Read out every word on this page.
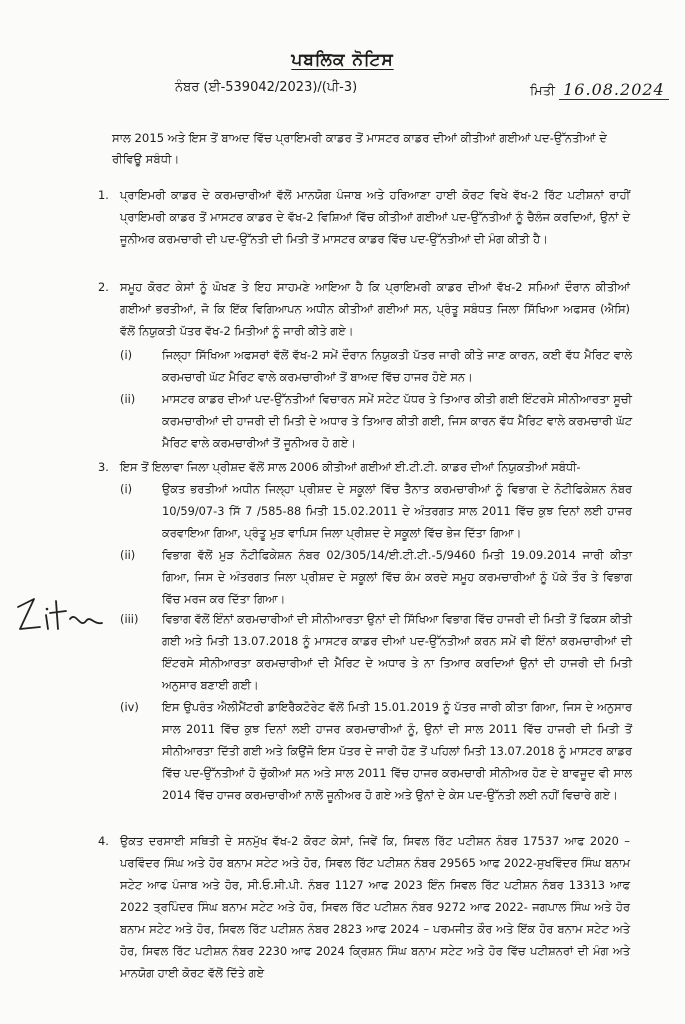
ਪਬਲਿਕ ਨੋਟਿਸ
ਨੰਬਰ (ਈ-539042/2023)/(ਪੀ-3)	ਮਿਤੀ 16.08.2024
ਸਾਲ 2015 ਅਤੇ ਇਸ ਤੋਂ ਬਾਅਦ ਵਿੱਚ ਪ੍ਰਾਇਮਰੀ ਕਾਡਰ ਤੋਂ ਮਾਸਟਰ ਕਾਡਰ ਦੀਆਂ ਕੀਤੀਆਂ ਗਈਆਂ ਪਦ-ਉੱਨਤੀਆਂ ਦੇ ਰੀਵਿਊ ਸਬੰਧੀ।
1. ਪ੍ਰਾਇਮਰੀ ਕਾਡਰ ਦੇ ਕਰਮਚਾਰੀਆਂ ਵੱਲੋਂ ਮਾਨਯੋਗ ਪੰਜਾਬ ਅਤੇ ਹਰਿਆਣਾ ਹਾਈ ਕੋਰਟ ਵਿਖੇ ਵੱਖ-2 ਰਿੱਟ ਪਟੀਸ਼ਨਾਂ ਰਾਹੀਂ ਪ੍ਰਾਇਮਰੀ ਕਾਡਰ ਤੋਂ ਮਾਸਟਰ ਕਾਡਰ ਦੇ ਵੱਖ-2 ਵਿਸ਼ਿਆਂ ਵਿੱਚ ਕੀਤੀਆਂ ਗਈਆਂ ਪਦ-ਉੱਨਤੀਆਂ ਨੂੰ ਚੈਲੰਜ ਕਰਦਿਆਂ, ਉਨਾਂ ਦੇ ਜੂਨੀਅਰ ਕਰਮਚਾਰੀ ਦੀ ਪਦ-ਉੱਨਤੀ ਦੀ ਮਿਤੀ ਤੋਂ ਮਾਸਟਰ ਕਾਡਰ ਵਿੱਚ ਪਦ-ਉੱਨਤੀਆਂ ਦੀ ਮੰਗ ਕੀਤੀ ਹੈ।
2. ਸਮੂਹ ਕੋਰਟ ਕੇਸਾਂ ਨੂੰ ਘੋਖਣ ਤੇ ਇਹ ਸਾਹਮਣੇ ਆਇਆ ਹੈ ਕਿ ਪ੍ਰਾਇਮਰੀ ਕਾਡਰ ਦੀਆਂ ਵੱਖ-2 ਸਮਿਆਂ ਦੌਰਾਨ ਕੀਤੀਆਂ ਗਈਆਂ ਭਰਤੀਆਂ, ਜੋ ਕਿ ਇੱਕ ਵਿਗਿਆਪਨ ਅਧੀਨ ਕੀਤੀਆਂ ਗਈਆਂ ਸਨ, ਪ੍ਰੰਤੂ ਸਬੰਧਤ ਜਿਲਾ ਸਿੱਖਿਆ ਅਫਸਰ (ਐਸਿ) ਵੱਲੋਂ ਨਿਯੁਕਤੀ ਪੱਤਰ ਵੱਖ-2 ਮਿਤੀਆਂ ਨੂੰ ਜਾਰੀ ਕੀਤੇ ਗਏ।
(i)	ਜਿਲ੍ਹਾ ਸਿੱਖਿਆ ਅਫਸਰਾਂ ਵੱਲੋਂ ਵੱਖ-2 ਸਮੇਂ ਦੌਰਾਨ ਨਿਯੁਕਤੀ ਪੱਤਰ ਜਾਰੀ ਕੀਤੇ ਜਾਣ ਕਾਰਨ, ਕਈ ਵੱਧ ਮੈਰਿਟ ਵਾਲੇ ਕਰਮਚਾਰੀ ਘੱਟ ਮੈਰਿਟ ਵਾਲੇ ਕਰਮਚਾਰੀਆਂ ਤੋਂ ਬਾਅਦ ਵਿੱਚ ਹਾਜਰ ਹੋਏ ਸਨ।
(ii) ਮਾਸਟਰ ਕਾਡਰ ਦੀਆਂ ਪਦ-ਉੱਨਤੀਆਂ ਵਿਚਾਰਨ ਸਮੇਂ ਸਟੇਟ ਪੱਧਰ ਤੇ ਤਿਆਰ ਕੀਤੀ ਗਈ ਇੰਟਰਸੇ ਸੀਨੀਆਰਤਾ ਸੂਚੀ ਕਰਮਚਾਰੀਆਂ ਦੀ ਹਾਜਰੀ ਦੀ ਮਿਤੀ ਦੇ ਅਧਾਰ ਤੇ ਤਿਆਰ ਕੀਤੀ ਗਈ, ਜਿਸ ਕਾਰਨ ਵੱਧ ਮੈਰਿਟ ਵਾਲੇ ਕਰਮਚਾਰੀ ਘੱਟ ਮੈਰਿਟ ਵਾਲੇ ਕਰਮਚਾਰੀਆਂ ਤੋਂ ਜੂਨੀਅਰ ਹੋ ਗਏ।
3. ਇਸ ਤੋਂ ਇਲਾਵਾ ਜਿਲਾ ਪ੍ਰੀਸ਼ਦ ਵੱਲੋਂ ਸਾਲ 2006 ਕੀਤੀਆਂ ਗਈਆਂ ਈ.ਟੀ.ਟੀ. ਕਾਡਰ ਦੀਆਂ ਨਿਯੁਕਤੀਆਂ ਸਬੰਧੀ-
(i)	ਉਕਤ ਭਰਤੀਆਂ ਅਧੀਨ ਜਿਲ੍ਹਾ ਪ੍ਰੀਸ਼ਦ ਦੇ ਸਕੂਲਾਂ ਵਿੱਚ ਤੈਨਾਤ ਕਰਮਚਾਰੀਆਂ ਨੂੰ ਵਿਭਾਗ ਦੇ ਨੋਟੀਫਿਕੇਸ਼ਨ ਨੰਬਰ 10/59/07-3 ਸਿੱ 7 /585-88 ਮਿਤੀ 15.02.2011 ਦੇ ਅੰਤਰਗਤ ਸਾਲ 2011 ਵਿੱਚ ਕੁਝ ਦਿਨਾਂ ਲਈ ਹਾਜਰ ਕਰਵਾਇਆ ਗਿਆ, ਪ੍ਰੰਤੂ ਮੁੜ ਵਾਪਿਸ ਜਿਲਾ ਪ੍ਰੀਸ਼ਦ ਦੇ ਸਕੂਲਾਂ ਵਿੱਚ ਭੇਜ ਦਿੱਤਾ ਗਿਆ।
(ii) ਵਿਭਾਗ ਵੱਲੋਂ ਮੁੜ ਨੋਟੀਫਿਕੇਸ਼ਨ ਨੰਬਰ 02/305/14/ਈ.ਟੀ.ਟੀ.-5/9460 ਮਿਤੀ 19.09.2014 ਜਾਰੀ ਕੀਤਾ ਗਿਆ, ਜਿਸ ਦੇ ਅੰਤਰਗਤ ਜਿਲਾ ਪ੍ਰੀਸ਼ਦ ਦੇ ਸਕੂਲਾਂ ਵਿੱਚ ਕੰਮ ਕਰਦੇ ਸਮੂਹ ਕਰਮਚਾਰੀਆਂ ਨੂੰ ਪੱਕੇ ਤੌਰ ਤੇ ਵਿਭਾਗ ਵਿੱਚ ਮਰਜ ਕਰ ਦਿੱਤਾ ਗਿਆ।
(iii) ਵਿਭਾਗ ਵੱਲੋਂ ਇੰਨਾਂ ਕਰਮਚਾਰੀਆਂ ਦੀ ਸੀਨੀਆਰਤਾ ਉਨਾਂ ਦੀ ਸਿੱਖਿਆ ਵਿਭਾਗ ਵਿੱਚ ਹਾਜਰੀ ਦੀ ਮਿਤੀ ਤੋਂ ਫਿਕਸ ਕੀਤੀ ਗਈ ਅਤੇ ਮਿਤੀ 13.07.2018 ਨੂੰ ਮਾਸਟਰ ਕਾਡਰ ਦੀਆਂ ਪਦ-ਉੱਨਤੀਆਂ ਕਰਨ ਸਮੇਂ ਵੀ ਇੰਨਾਂ ਕਰਮਚਾਰੀਆਂ ਦੀ ਇੰਟਰਸੇ ਸੀਨੀਆਰਤਾ ਕਰਮਚਾਰੀਆਂ ਦੀ ਮੈਰਿਟ ਦੇ ਅਧਾਰ ਤੇ ਨਾ ਤਿਆਰ ਕਰਦਿਆਂ ਉਨਾਂ ਦੀ ਹਾਜਰੀ ਦੀ ਮਿਤੀ ਅਨੁਸਾਰ ਬਣਾਈ ਗਈ।
(iv) ਇਸ ਉਪਰੰਤ ਐਲੀਮੈਂਟਰੀ ਡਾਇਰੈਕਟੋਰੇਟ ਵੱਲੋਂ ਮਿਤੀ 15.01.2019 ਨੂੰ ਪੱਤਰ ਜਾਰੀ ਕੀਤਾ ਗਿਆ, ਜਿਸ ਦੇ ਅਨੁਸਾਰ ਸਾਲ 2011 ਵਿੱਚ ਕੁਝ ਦਿਨਾਂ ਲਈ ਹਾਜਰ ਕਰਮਚਾਰੀਆਂ ਨੂੰ, ਉਨਾਂ ਦੀ ਸਾਲ 2011 ਵਿੱਚ ਹਾਜਰੀ ਦੀ ਮਿਤੀ ਤੋਂ ਸੀਨੀਆਰਤਾ ਦਿੱਤੀ ਗਈ ਅਤੇ ਕਿਉਂਜੋ ਇਸ ਪੱਤਰ ਦੇ ਜਾਰੀ ਹੋਣ ਤੋਂ ਪਹਿਲਾਂ ਮਿਤੀ 13.07.2018 ਨੂੰ ਮਾਸਟਰ ਕਾਡਰ ਵਿੱਚ ਪਦ-ਉੱਨਤੀਆਂ ਹੋ ਚੁੱਕੀਆਂ ਸਨ ਅਤੇ ਸਾਲ 2011 ਵਿੱਚ ਹਾਜਰ ਕਰਮਚਾਰੀ ਸੀਨੀਅਰ ਹੋਣ ਦੇ ਬਾਵਜੂਦ ਵੀ ਸਾਲ 2014 ਵਿੱਚ ਹਾਜਰ ਕਰਮਚਾਰੀਆਂ ਨਾਲੋਂ ਜੂਨੀਅਰ ਹੋ ਗਏ ਅਤੇ ਉਨਾਂ ਦੇ ਕੇਸ ਪਦ-ਉੱਨਤੀ ਲਈ ਨਹੀਂ ਵਿਚਾਰੇ ਗਏ।
4. ਉਕਤ ਦਰਸਾਈ ਸਥਿਤੀ ਦੇ ਸਨਮੁੱਖ ਵੱਖ-2 ਕੋਰਟ ਕੇਸਾਂ, ਜਿਵੇਂ ਕਿ, ਸਿਵਲ ਰਿੱਟ ਪਟੀਸ਼ਨ ਨੰਬਰ 17537 ਆਫ 2020 – ਪਰਵਿੰਦਰ ਸਿੰਘ ਅਤੇ ਹੋਰ ਬਨਾਮ ਸਟੇਟ ਅਤੇ ਹੋਰ, ਸਿਵਲ ਰਿੱਟ ਪਟੀਸ਼ਨ ਨੰਬਰ 29565 ਆਫ 2022-ਸੁਖਵਿੰਦਰ ਸਿੰਘ ਬਨਾਮ ਸਟੇਟ ਆਫ ਪੰਜਾਬ ਅਤੇ ਹੋਰ, ਸੀ.ਓ.ਸੀ.ਪੀ. ਨੰਬਰ 1127 ਆਫ 2023 ਇੰਨ ਸਿਵਲ ਰਿੱਟ ਪਟੀਸ਼ਨ ਨੰਬਰ 13313 ਆਫ 2022 ਤ੍ਰਪਿੰਦਰ ਸਿੰਘ ਬਨਾਮ ਸਟੇਟ ਅਤੇ ਹੋਰ, ਸਿਵਲ ਰਿੱਟ ਪਟੀਸ਼ਨ ਨੰਬਰ 9272 ਆਫ 2022- ਜਗਪਾਲ ਸਿੰਘ ਅਤੇ ਹੋਰ ਬਨਾਮ ਸਟੇਟ ਅਤੇ ਹੋਰ, ਸਿਵਲ ਰਿੱਟ ਪਟੀਸ਼ਨ ਨੰਬਰ 2823 ਆਫ 2024 – ਪਰਮਜੀਤ ਕੌਰ ਅਤੇ ਇੱਕ ਹੋਰ ਬਨਾਮ ਸਟੇਟ ਅਤੇ ਹੋਰ, ਸਿਵਲ ਰਿੱਟ ਪਟੀਸ਼ਨ ਨੰਬਰ 2230 ਆਫ 2024 ਕ੍ਰਿਸ਼ਨ ਸਿੰਘ ਬਨਾਮ ਸਟੇਟ ਅਤੇ ਹੋਰ ਵਿੱਚ ਪਟੀਸ਼ਨਰਾਂ ਦੀ ਮੰਗ ਅਤੇ ਮਾਨਯੋਗ ਹਾਈ ਕੋਰਟ ਵੱਲੋਂ ਦਿੱਤੇ ਗਏ
